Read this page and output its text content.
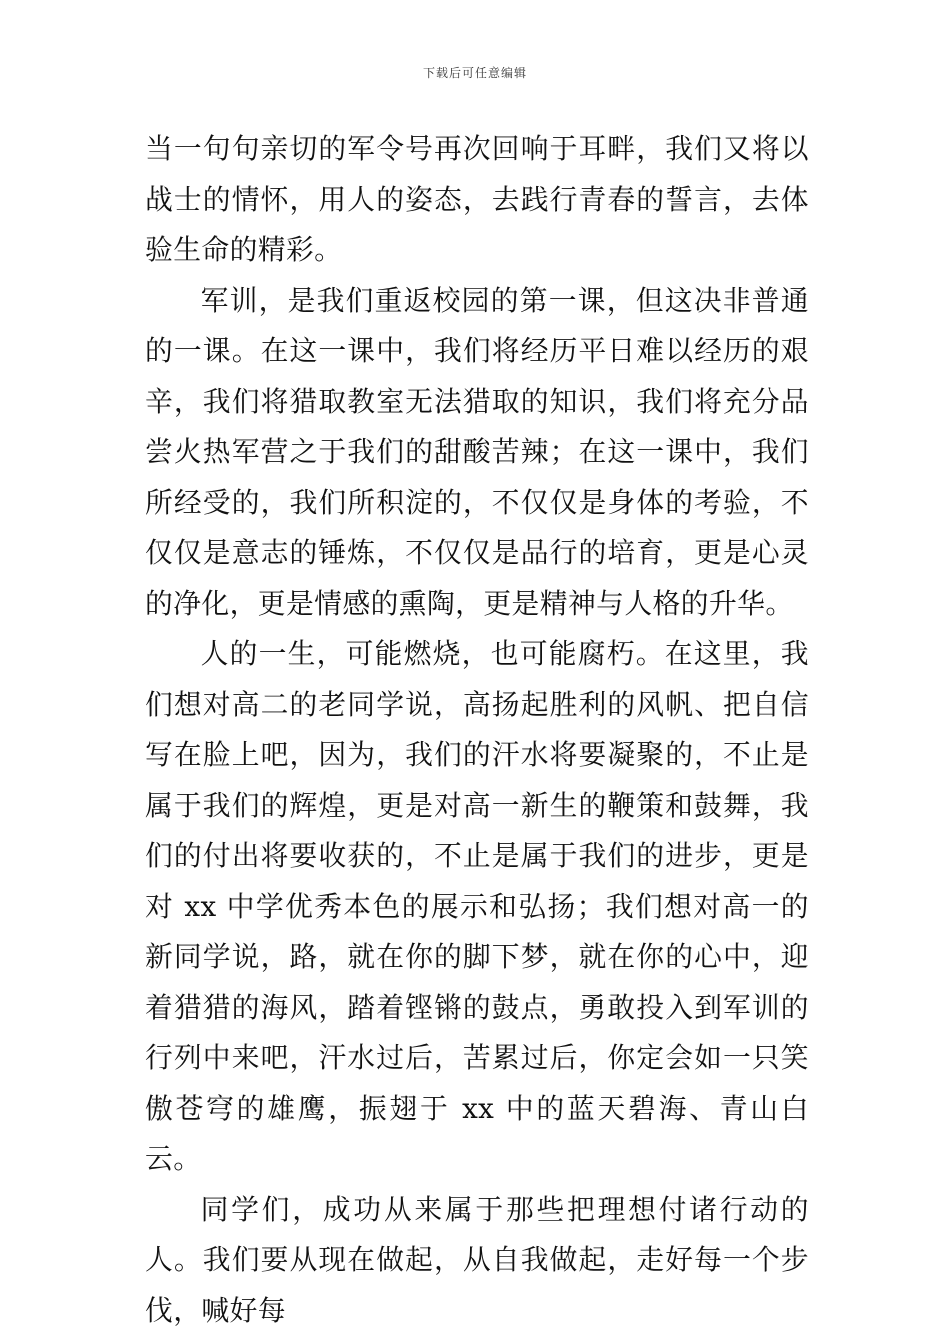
下载后可任意编辑

当一句句亲切的军令号再次回响于耳畔，我们又将以战士的情怀，用人的姿态，去践行青春的誓言，去体验生命的精彩。

军训，是我们重返校园的第一课，但这决非普通的一课。在这一课中，我们将经历平日难以经历的艰辛，我们将猎取教室无法猎取的知识，我们将充分品尝火热军营之于我们的甜酸苦辣；在这一课中，我们所经受的，我们所积淀的，不仅仅是身体的考验，不仅仅是意志的锤炼，不仅仅是品行的培育，更是心灵的净化，更是情感的熏陶，更是精神与人格的升华。

人的一生，可能燃烧，也可能腐朽。在这里，我们想对高二的老同学说，高扬起胜利的风帆、把自信写在脸上吧，因为，我们的汗水将要凝聚的，不止是属于我们的辉煌，更是对高一新生的鞭策和鼓舞，我们的付出将要收获的，不止是属于我们的进步，更是对 xx 中学优秀本色的展示和弘扬；我们想对高一的新同学说，路，就在你的脚下梦，就在你的心中，迎着猎猎的海风，踏着铿锵的鼓点，勇敢投入到军训的行列中来吧，汗水过后，苦累过后，你定会如一只笑傲苍穹的雄鹰，振翅于 xx 中的蓝天碧海、青山白云。

同学们，成功从来属于那些把理想付诸行动的人。我们要从现在做起，从自我做起，走好每一个步伐，喊好每
